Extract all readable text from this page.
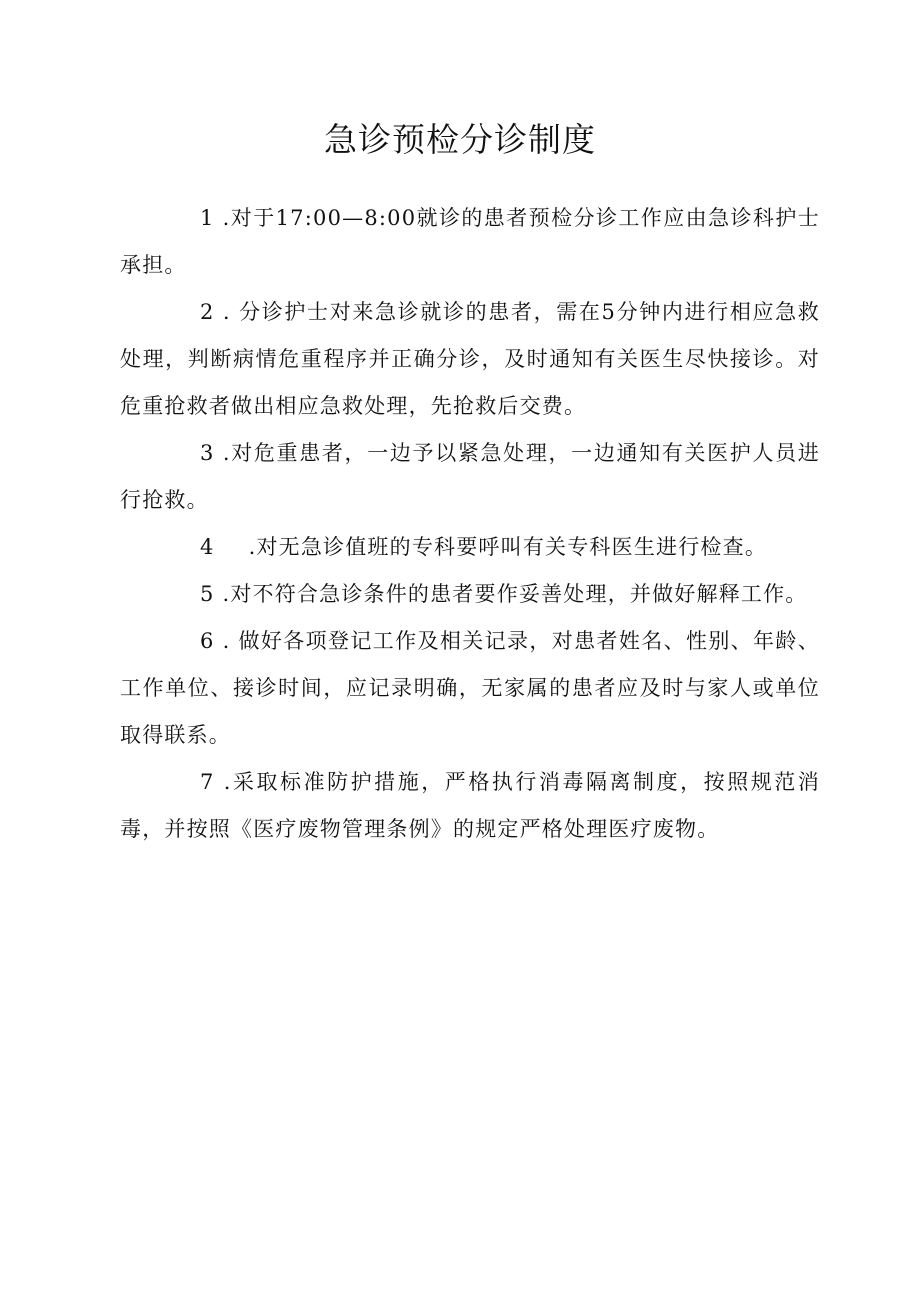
急诊预检分诊制度

1 .对于17:00—8:00就诊的患者预检分诊工作应由急诊科护士承担。

2 . 分诊护士对来急诊就诊的患者，需在5分钟内进行相应急救处理，判断病情危重程序并正确分诊，及时通知有关医生尽快接诊。对危重抢救者做出相应急救处理，先抢救后交费。

3 .对危重患者，一边予以紧急处理，一边通知有关医护人员进行抢救。

4 .对无急诊值班的专科要呼叫有关专科医生进行检查。

5 .对不符合急诊条件的患者要作妥善处理，并做好解释工作。

6 . 做好各项登记工作及相关记录，对患者姓名、性别、年龄、工作单位、接诊时间，应记录明确，无家属的患者应及时与家人或单位取得联系。

7 .采取标准防护措施，严格执行消毒隔离制度，按照规范消毒，并按照《医疗废物管理条例》的规定严格处理医疗废物。
